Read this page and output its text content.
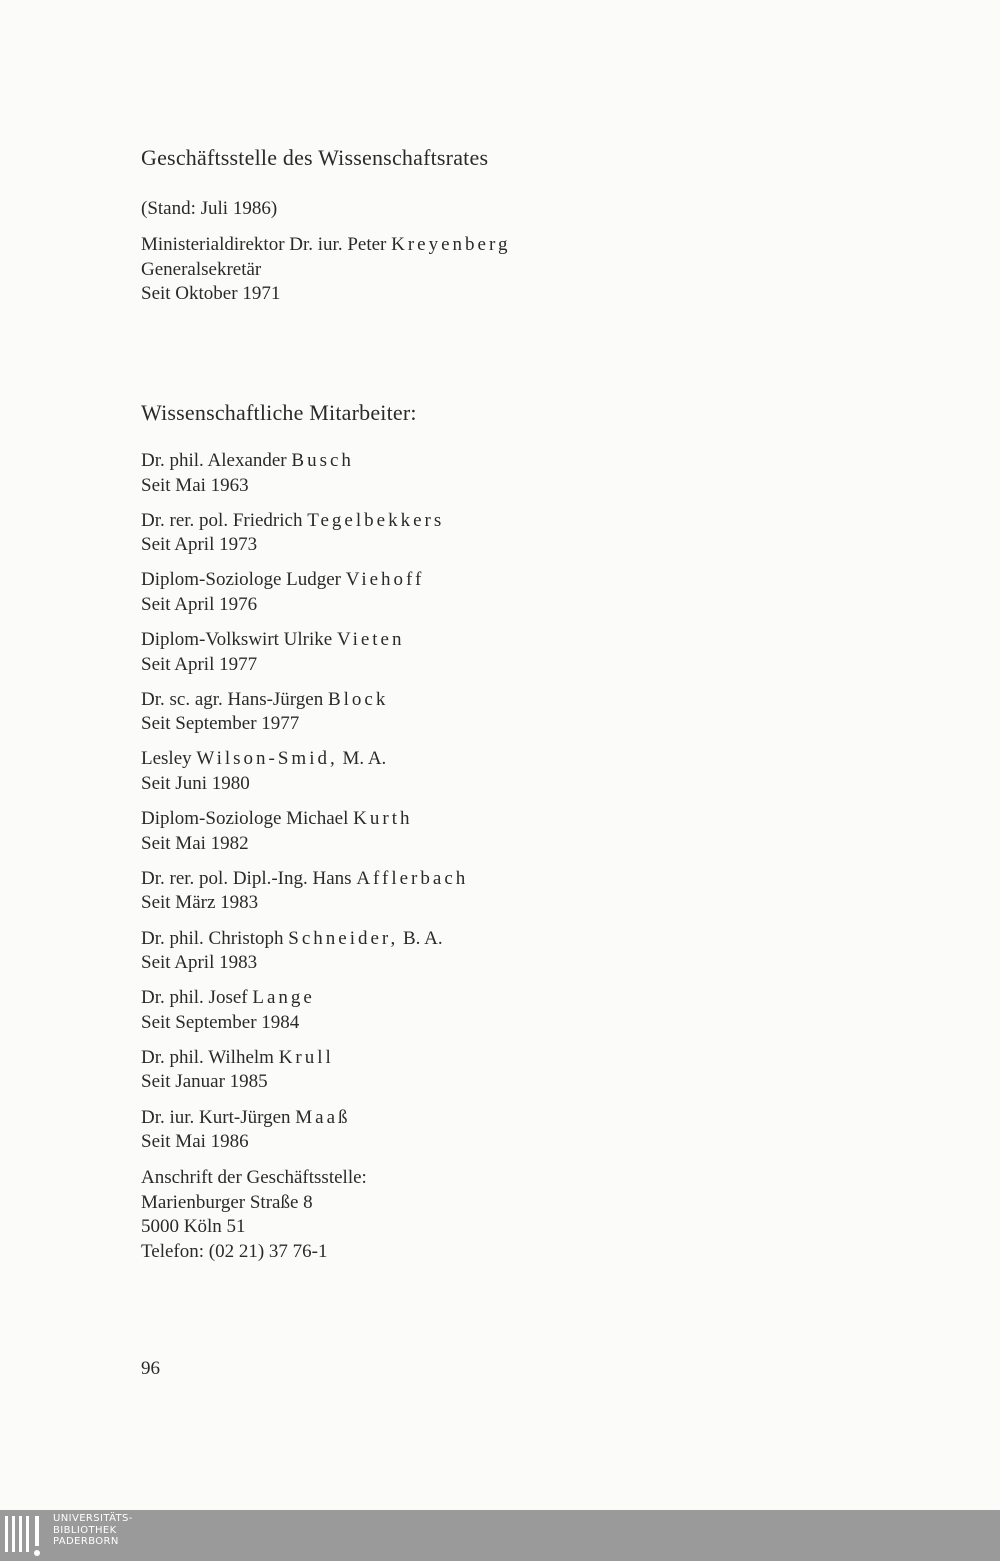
Geschäftsstelle des Wissenschaftsrates
(Stand: Juli 1986)
Ministerialdirektor Dr. iur. Peter Kreyenberg
Generalsekretär
Seit Oktober 1971
Wissenschaftliche Mitarbeiter:
Dr. phil. Alexander Busch
Seit Mai 1963
Dr. rer. pol. Friedrich Tegelbekkers
Seit April 1973
Diplom-Soziologe Ludger Viehoff
Seit April 1976
Diplom-Volkswirt Ulrike Vieten
Seit April 1977
Dr. sc. agr. Hans-Jürgen Block
Seit September 1977
Lesley Wilson-Smid, M. A.
Seit Juni 1980
Diplom-Soziologe Michael Kurth
Seit Mai 1982
Dr. rer. pol. Dipl.-Ing. Hans Afflerbach
Seit März 1983
Dr. phil. Christoph Schneider, B. A.
Seit April 1983
Dr. phil. Josef Lange
Seit September 1984
Dr. phil. Wilhelm Krull
Seit Januar 1985
Dr. iur. Kurt-Jürgen Maaß
Seit Mai 1986
Anschrift der Geschäftsstelle:
Marienburger Straße 8
5000 Köln 51
Telefon: (02 21) 37 76-1
96
UNIVERSITÄTS-
BIBLIOTHEK
PADERBORN
